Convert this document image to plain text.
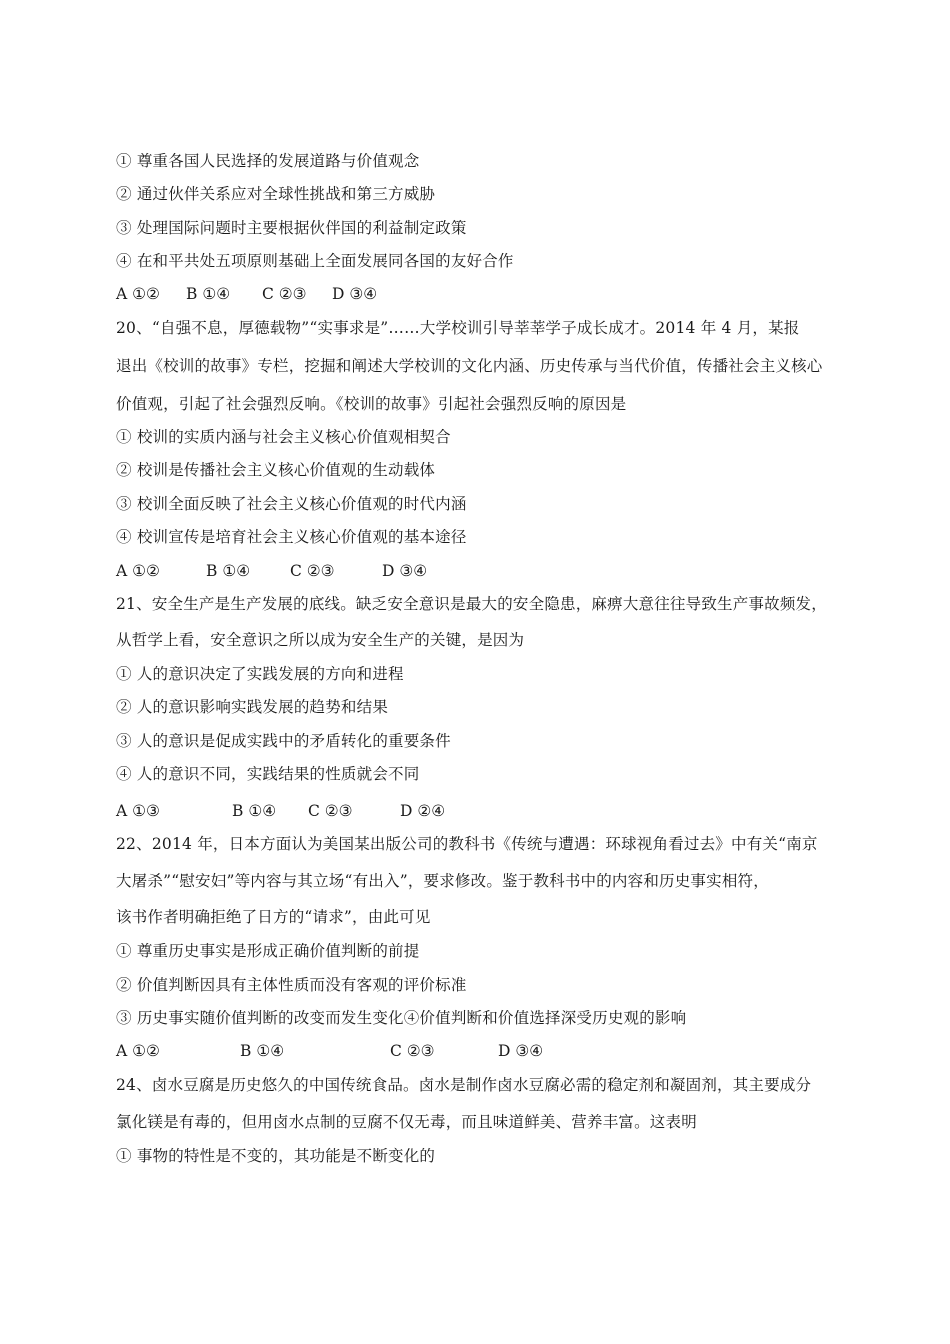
① 尊重各国人民选择的发展道路与价值观念
② 通过伙伴关系应对全球性挑战和第三方威胁
③ 处理国际问题时主要根据伙伴国的利益制定政策
④ 在和平共处五项原则基础上全面发展同各国的友好合作
A ①② B ①④ C ②③ D ③④
20、“自强不息，厚德载物”“实事求是”……大学校训引导莘莘学子成长成才。2014 年 4 月，某报
退出《校训的故事》专栏，挖掘和阐述大学校训的文化内涵、历史传承与当代价值，传播社会主义核心
价值观，引起了社会强烈反响。《校训的故事》引起社会强烈反响的原因是
① 校训的实质内涵与社会主义核心价值观相契合
② 校训是传播社会主义核心价值观的生动载体
③ 校训全面反映了社会主义核心价值观的时代内涵
④ 校训宣传是培育社会主义核心价值观的基本途径
A ①②	B ①④	C ②③	D ③④
21、安全生产是生产发展的底线。缺乏安全意识是最大的安全隐患，麻痹大意往往导致生产事故频发，
从哲学上看，安全意识之所以成为安全生产的关键，是因为
① 人的意识决定了实践发展的方向和进程
② 人的意识影响实践发展的趋势和结果
③ 人的意识是促成实践中的矛盾转化的重要条件
④ 人的意识不同，实践结果的性质就会不同
A ①③	B ①④ C ②③	D ②④
22、2014 年，日本方面认为美国某出版公司的教科书《传统与遭遇：环球视角看过去》中有关“南京
大屠杀”“慰安妇”等内容与其立场“有出入”，要求修改。鉴于教科书中的内容和历史事实相符，
该书作者明确拒绝了日方的“请求”，由此可见
① 尊重历史事实是形成正确价值判断的前提
② 价值判断因具有主体性质而没有客观的评价标准
③ 历史事实随价值判断的改变而发生变化④价值判断和价值选择深受历史观的影响
A ①②	B ①④	C ②③	D ③④
24、卤水豆腐是历史悠久的中国传统食品。卤水是制作卤水豆腐必需的稳定剂和凝固剂，其主要成分
氯化镁是有毒的，但用卤水点制的豆腐不仅无毒，而且味道鲜美、营养丰富。这表明
① 事物的特性是不变的，其功能是不断变化的
